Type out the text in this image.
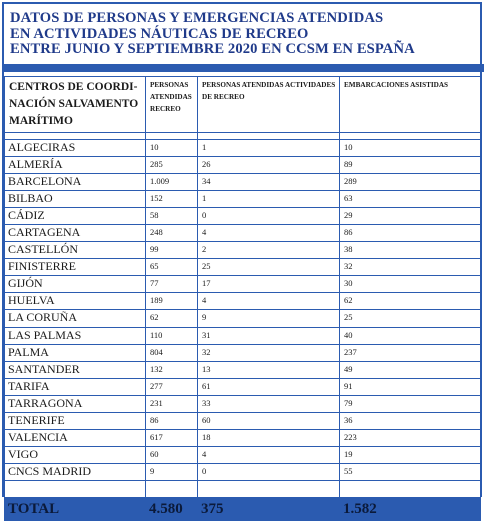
DATOS DE PERSONAS Y EMERGENCIAS ATENDIDAS
EN ACTIVIDADES NÁUTICAS DE RECREO
ENTRE JUNIO Y SEPTIEMBRE 2020 EN CCSM EN ESPAÑA
CENTROS DE COORDI-NACIÓN SALVAMENTO MARÍTIMO	PERSONAS ATENDIDAS RECREO	PERSONAS ATENDIDAS ACTIVIDADES DE RECREO	EMBARCACIONES ASISTIDAS

ALGECIRAS	10	1	10
ALMERÍA	285	26	89
BARCELONA	1.009	34	289
BILBAO	152	1	63
CÁDIZ	58	0	29
CARTAGENA	248	4	86
CASTELLÓN	99	2	38
FINISTERRE	65	25	32
GIJÓN	77	17	30
HUELVA	189	4	62
LA CORUÑA	62	9	25
LAS PALMAS	110	31	40
PALMA	804	32	237
SANTANDER	132	13	49
TARIFA	277	61	91
TARRAGONA	231	33	79
TENERIFE	86	60	36
VALENCIA	617	18	223
VIGO	60	4	19
CNCS MADRID	9	0	55

TOTAL	4.580	375	1.582
